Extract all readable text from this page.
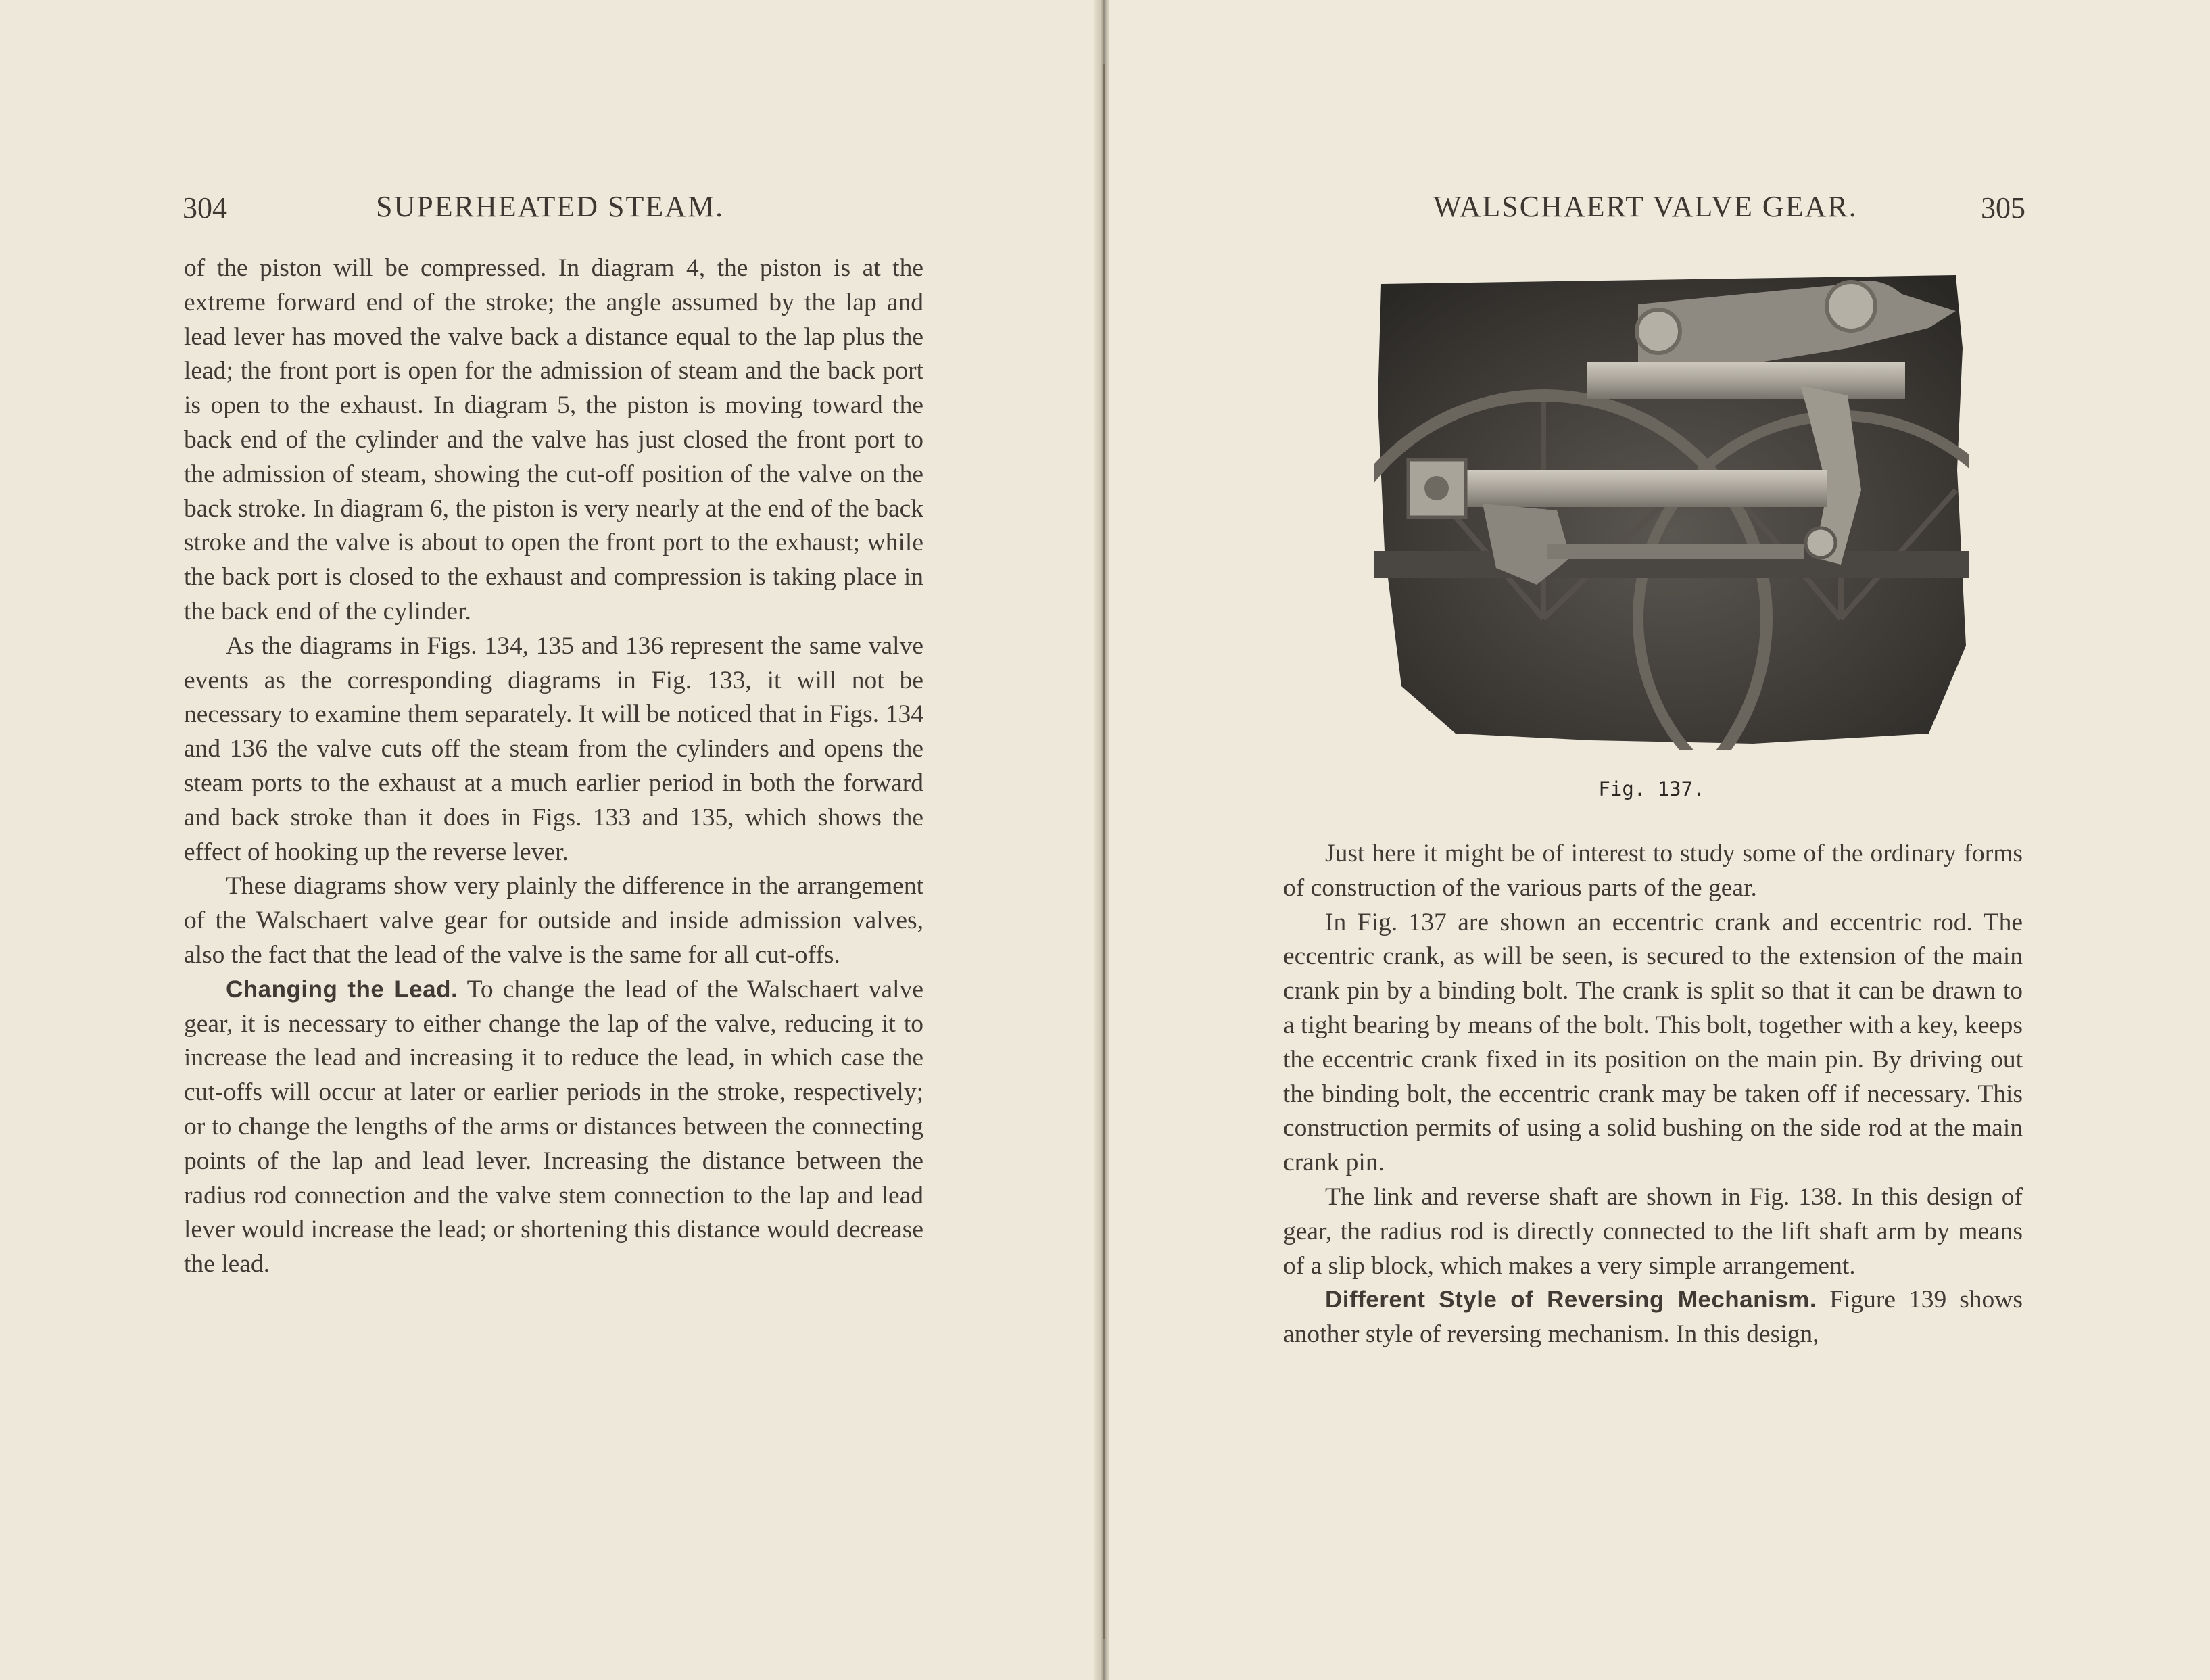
304	SUPERHEATED STEAM.

of the piston will be compressed. In diagram 4, the piston is at the extreme forward end of the stroke; the angle assumed by the lap and lead lever has moved the valve back a distance equal to the lap plus the lead; the front port is open for the admission of steam and the back port is open to the exhaust. In diagram 5, the piston is moving toward the back end of the cylinder and the valve has just closed the front port to the admission of steam, showing the cut-off position of the valve on the back stroke. In diagram 6, the piston is very nearly at the end of the back stroke and the valve is about to open the front port to the exhaust; while the back port is closed to the exhaust and compression is taking place in the back end of the cylinder.

As the diagrams in Figs. 134, 135 and 136 represent the same valve events as the corresponding diagrams in Fig. 133, it will not be necessary to examine them separately. It will be noticed that in Figs. 134 and 136 the valve cuts off the steam from the cylinders and opens the steam ports to the exhaust at a much earlier period in both the forward and back stroke than it does in Figs. 133 and 135, which shows the effect of hooking up the reverse lever.

These diagrams show very plainly the difference in the arrangement of the Walschaert valve gear for outside and inside admission valves, also the fact that the lead of the valve is the same for all cut-offs.

Changing the Lead. To change the lead of the Walschaert valve gear, it is necessary to either change the lap of the valve, reducing it to increase the lead and increasing it to reduce the lead, in which case the cut-offs will occur at later or earlier periods in the stroke, respectively; or to change the lengths of the arms or distances between the connecting points of the lap and lead lever. Increasing the distance between the radius rod connection and the valve stem connection to the lap and lead lever would increase the lead; or shortening this distance would decrease the lead.

WALSCHAERT VALVE GEAR.	305
Fig. 137.

Just here it might be of interest to study some of the ordinary forms of construction of the various parts of the gear.

In Fig. 137 are shown an eccentric crank and eccentric rod. The eccentric crank, as will be seen, is secured to the extension of the main crank pin by a binding bolt. The crank is split so that it can be drawn to a tight bearing by means of the bolt. This bolt, together with a key, keeps the eccentric crank fixed in its position on the main pin. By driving out the binding bolt, the eccentric crank may be taken off if necessary. This construction permits of using a solid bushing on the side rod at the main crank pin.

The link and reverse shaft are shown in Fig. 138. In this design of gear, the radius rod is directly connected to the lift shaft arm by means of a slip block, which makes a very simple arrangement.

Different Style of Reversing Mechanism. Figure 139 shows another style of reversing mechanism. In this design,
